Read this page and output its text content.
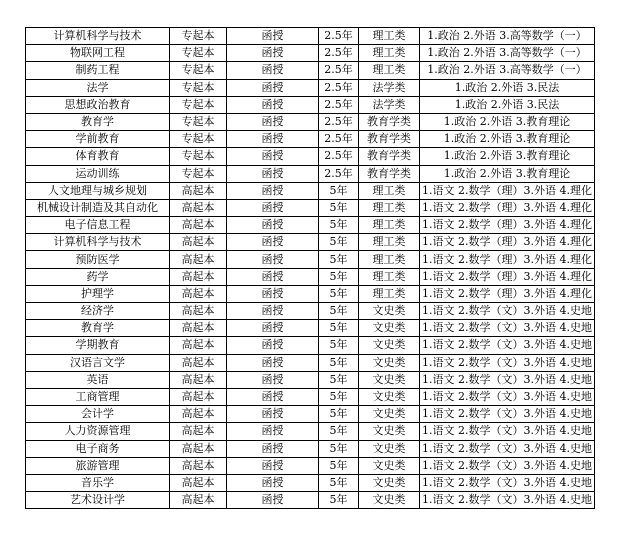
计算机科学与技术	专起本	函授	2.5年	理工类	1.政治 2.外语 3.高等数学（一）
物联网工程	专起本	函授	2.5年	理工类	1.政治 2.外语 3.高等数学（一）
制药工程	专起本	函授	2.5年	理工类	1.政治 2.外语 3.高等数学（一）
法学	专起本	函授	2.5年	法学类	1.政治 2.外语 3.民法
思想政治教育	专起本	函授	2.5年	法学类	1.政治 2.外语 3.民法
教育学	专起本	函授	2.5年	教育学类	1.政治 2.外语 3.教育理论
学前教育	专起本	函授	2.5年	教育学类	1.政治 2.外语 3.教育理论
体育教育	专起本	函授	2.5年	教育学类	1.政治 2.外语 3.教育理论
运动训练	专起本	函授	2.5年	教育学类	1.政治 2.外语 3.教育理论
人文地理与城乡规划	高起本	函授	5年	理工类	1.语文 2.数学（理）3.外语 4.理化
机械设计制造及其自动化	高起本	函授	5年	理工类	1.语文 2.数学（理）3.外语 4.理化
电子信息工程	高起本	函授	5年	理工类	1.语文 2.数学（理）3.外语 4.理化
计算机科学与技术	高起本	函授	5年	理工类	1.语文 2.数学（理）3.外语 4.理化
预防医学	高起本	函授	5年	理工类	1.语文 2.数学（理）3.外语 4.理化
药学	高起本	函授	5年	理工类	1.语文 2.数学（理）3.外语 4.理化
护理学	高起本	函授	5年	理工类	1.语文 2.数学（理）3.外语 4.理化
经济学	高起本	函授	5年	文史类	1.语文 2.数学（文）3.外语 4.史地
教育学	高起本	函授	5年	文史类	1.语文 2.数学（文）3.外语 4.史地
学期教育	高起本	函授	5年	文史类	1.语文 2.数学（文）3.外语 4.史地
汉语言文学	高起本	函授	5年	文史类	1.语文 2.数学（文）3.外语 4.史地
英语	高起本	函授	5年	文史类	1.语文 2.数学（文）3.外语 4.史地
工商管理	高起本	函授	5年	文史类	1.语文 2.数学（文）3.外语 4.史地
会计学	高起本	函授	5年	文史类	1.语文 2.数学（文）3.外语 4.史地
人力资源管理	高起本	函授	5年	文史类	1.语文 2.数学（文）3.外语 4.史地
电子商务	高起本	函授	5年	文史类	1.语文 2.数学（文）3.外语 4.史地
旅游管理	高起本	函授	5年	文史类	1.语文 2.数学（文）3.外语 4.史地
音乐学	高起本	函授	5年	文史类	1.语文 2.数学（文）3.外语 4.史地
艺术设计学	高起本	函授	5年	文史类	1.语文 2.数学（文）3.外语 4.史地
